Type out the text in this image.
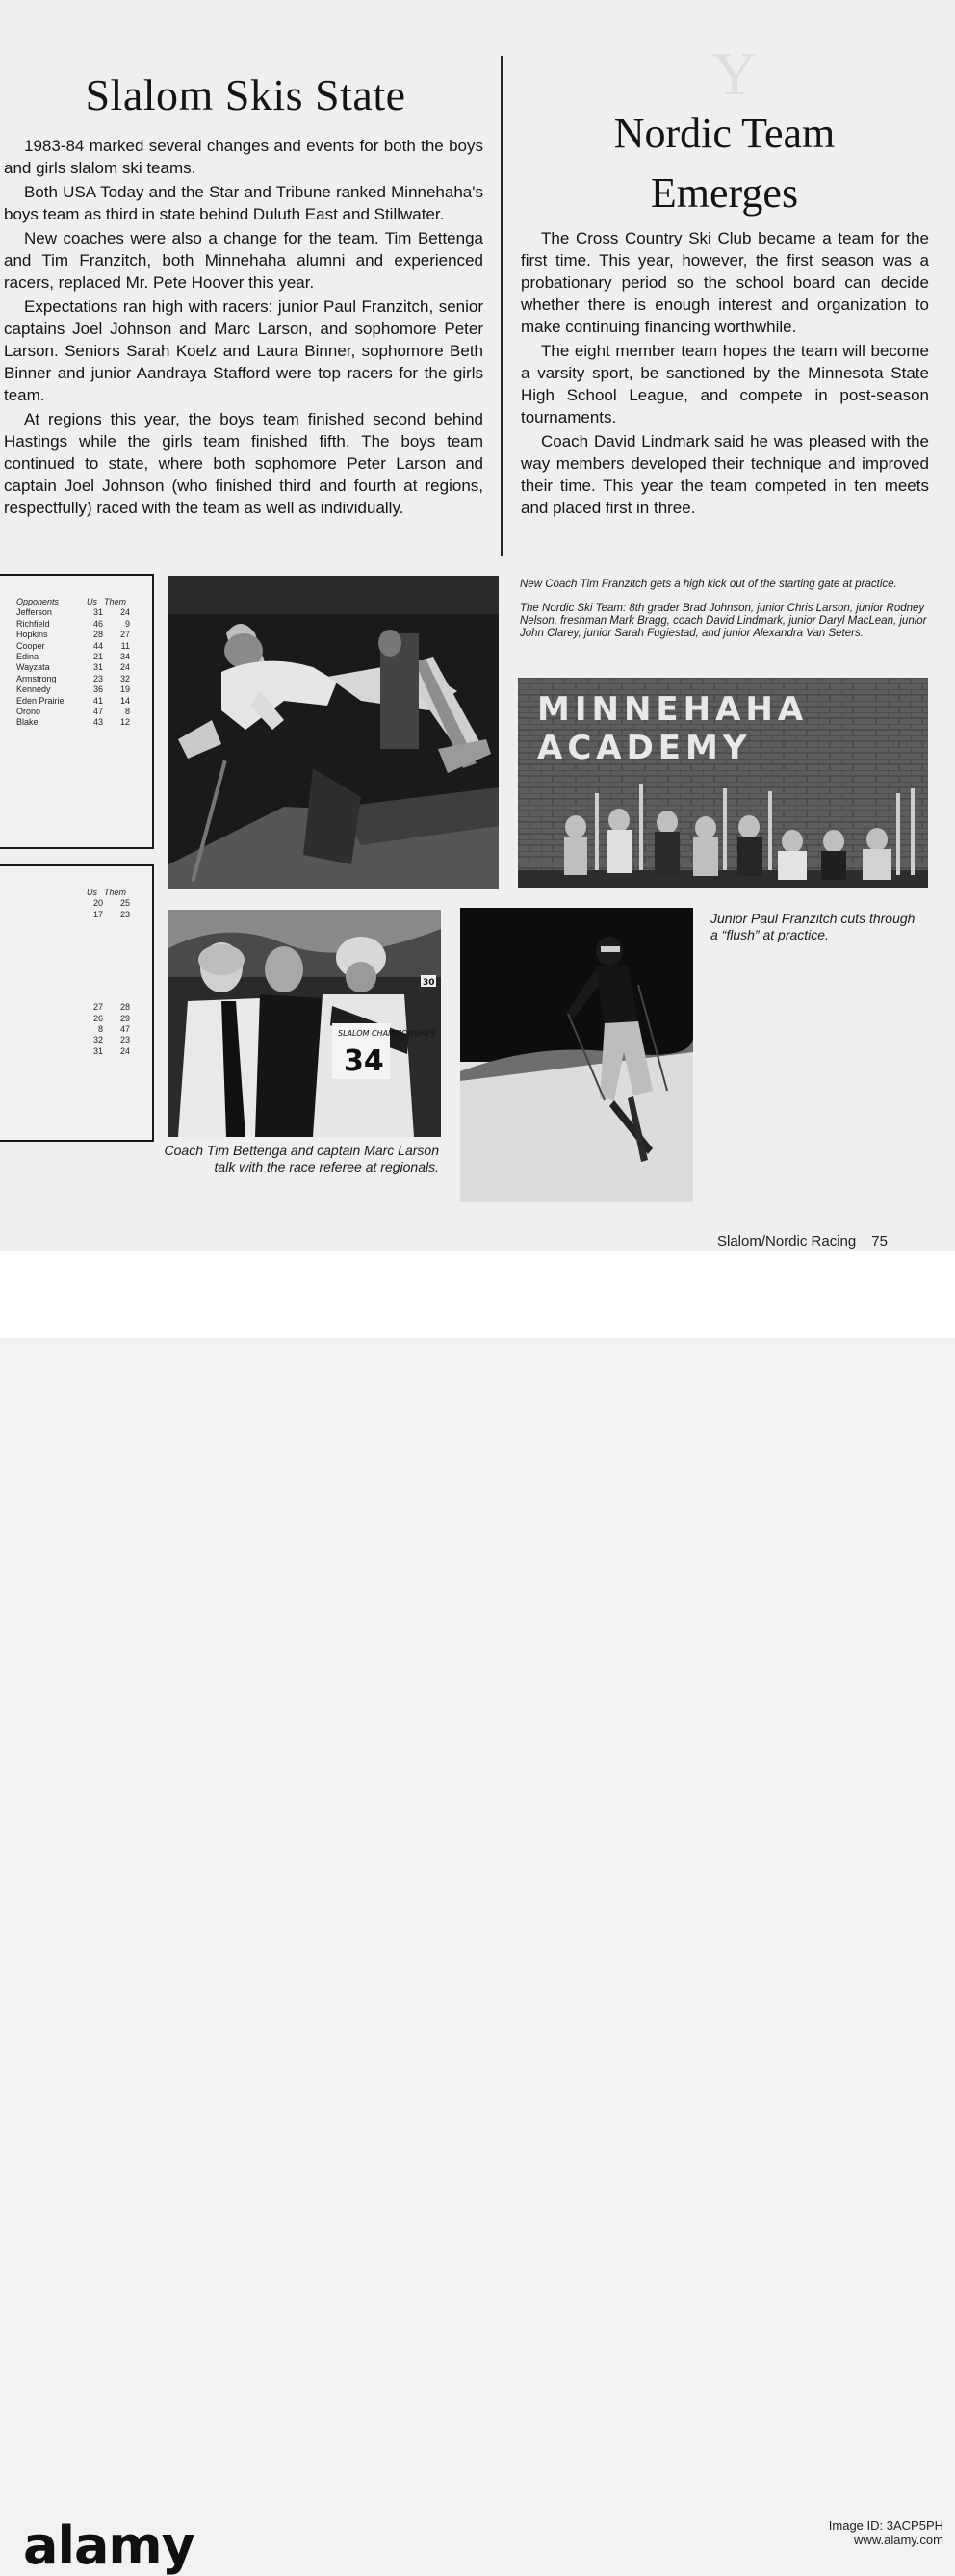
Y
Slalom Skis State

1983-84 marked several changes and events for both the boys and girls slalom ski teams.

Both USA Today and the Star and Tribune ranked Minnehaha's boys team as third in state behind Duluth East and Stillwater.

New coaches were also a change for the team. Tim Bettenga and Tim Franzitch, both Minnehaha alumni and experienced racers, replaced Mr. Pete Hoover this year.

Expectations ran high with racers: junior Paul Franzitch, senior captains Joel Johnson and Marc Larson, and sophomore Peter Larson. Seniors Sarah Koelz and Laura Binner, sophomore Beth Binner and junior Aandraya Stafford were top racers for the girls team.

At regions this year, the boys team finished second behind Hastings while the girls team finished fifth. The boys team continued to state, where both sophomore Peter Larson and captain Joel Johnson (who finished third and fourth at regions, respectfully) raced with the team as well as individually.

Nordic Team
Emerges

The Cross Country Ski Club became a team for the first time. This year, however, the first season was a probationary period so the school board can decide whether there is enough interest and organization to make continuing financing worthwhile.

The eight member team hopes the team will become a varsity sport, be sanctioned by the Minnesota State High School League, and compete in post-season tournaments.

Coach David Lindmark said he was pleased with the way members developed their technique and improved their time. This year the team competed in ten meets and placed first in three.

Opponents	Us Them
Jefferson	31	24
Richfield	46	9
Hopkins	28	27
Cooper	44	11
Edina	21	34
Wayzata	31	24
Armstrong	23	32
Kennedy	36	19
Eden Prairie	41	14
Orono	47	8
Blake	43	12
Us Them
20	25
17	23
27	28
26	29
8	47
32	23
31	24
New Coach Tim Franzitch gets a high kick out of the starting gate at practice.
The Nordic Ski Team: 8th grader Brad Johnson, junior Chris Larson, junior Rodney Nelson, freshman Mark Bragg, coach David Lindmark, junior Daryl MacLean, junior John Clarey, junior Sarah Fugiestad, and junior Alexandra Van Seters.
MINNEHAHA
ACADEMY
Junior Paul Franzitch cuts through a “flush” at practice.
SLALOM CHAMPIONSHIPS
34
30
Coach Tim Bettenga and captain Marc Larson talk with the race referee at regionals.
Slalom/Nordic Racing 75
alamy	Image ID: 3ACP5PH
www.alamy.com
